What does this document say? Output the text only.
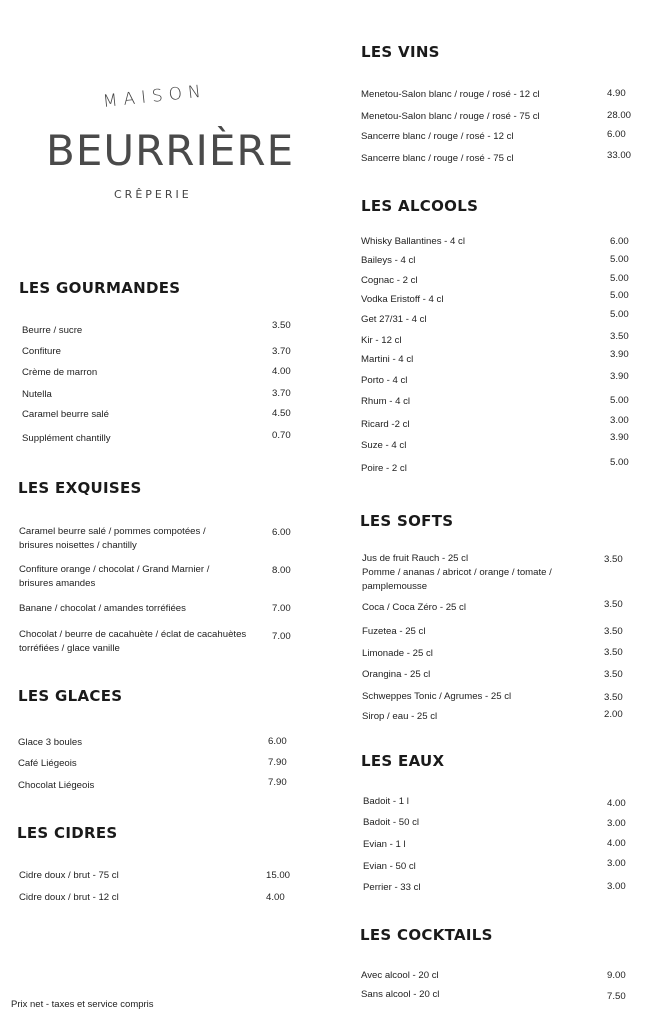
MAISON
BEURRIÈRE
CRÊPERIE
LES GOURMANDES
LES EXQUISES
LES GLACES
LES CIDRES
LES VINS
LES ALCOOLS
LES SOFTS
LES EAUX
LES COCKTAILS
Prix net - taxes et service compris
Beurre / sucre	3.50
Confiture	3.70
Crème de marron	4.00
Nutella	3.70
Caramel beurre salé	4.50
Supplément chantilly	0.70
Caramel beurre salé / pommes compotées /
brisures noisettes / chantilly
6.00
Confiture orange / chocolat / Grand Marnier /
brisures amandes
8.00
Banane / chocolat / amandes torréfiées	7.00
Chocolat / beurre de cacahuète / éclat de cacahuètes
torréfiées / glace vanille
7.00
Glace 3 boules	6.00
Café Liégeois	7.90
Chocolat Liégeois	7.90
Cidre doux / brut - 75 cl	15.00
Cidre doux / brut - 12 cl	4.00
Menetou-Salon blanc / rouge / rosé - 12 cl	4.90
Menetou-Salon blanc / rouge / rosé - 75 cl	28.00
Sancerre blanc / rouge / rosé - 12 cl	6.00
Sancerre blanc / rouge / rosé - 75 cl	33.00
Whisky Ballantines - 4 cl	6.00
Baileys - 4 cl	5.00
Cognac - 2 cl	5.00
Vodka Eristoff - 4 cl	5.00
Get 27/31 - 4 cl	5.00
Kir - 12 cl	3.50
Martini - 4 cl	3.90
Porto - 4 cl	3.90
Rhum - 4 cl	5.00
Ricard -2 cl	3.00
Suze - 4 cl
3.90
Poire - 2 cl
5.00
Jus de fruit Rauch - 25 cl
Pomme / ananas / abricot / orange / tomate /
pamplemousse
3.50
Coca / Coca Zéro - 25 cl	3.50
Fuzetea - 25 cl	3.50
Limonade - 25 cl	3.50
Orangina - 25 cl	3.50
Schweppes Tonic / Agrumes - 25 cl	3.50
Sirop / eau - 25 cl	2.00
Badoit - 1 l	4.00
Badoit - 50 cl	3.00
Evian - 1 l	4.00
Evian - 50 cl	3.00
Perrier - 33 cl	3.00
Avec alcool - 20 cl	9.00
Sans alcool - 20 cl	7.50
